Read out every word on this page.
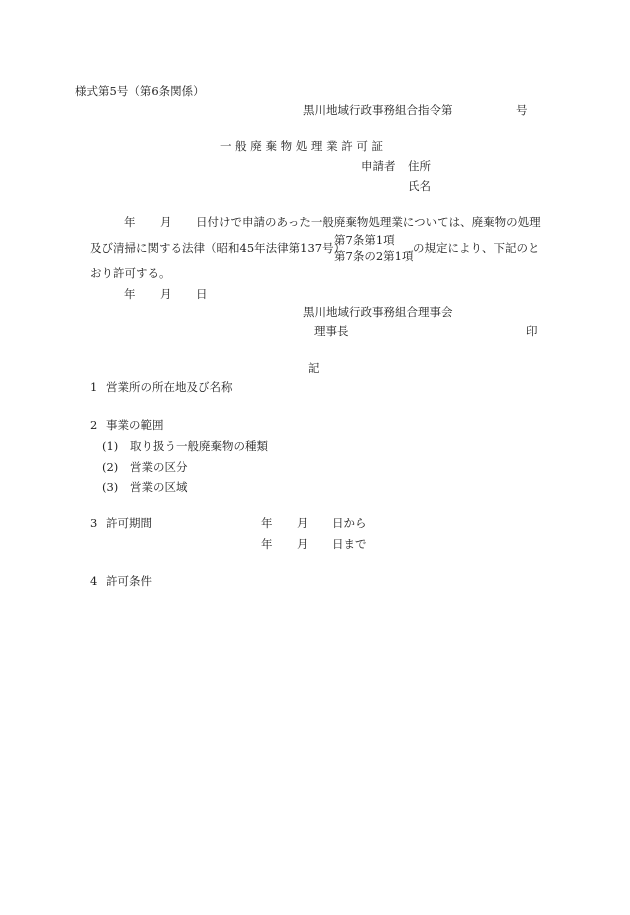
様式第5号（第6条関係）
黒川地域行政事務組合指令第	号
一 般 廃 棄 物 処 理 業 許 可 証
申請者 住所
氏名
年 月 日付けで申請のあった一般廃棄物処理業については、廃棄物の処理
及び清掃に関する法律（昭和45年法律第137号）
第7条第1項
第7条の2第1項
の規定により、下記のと
おり許可する。
年 月 日
黒川地域行政事務組合理事会
理事長	印
記
1 営業所の所在地及び名称
2 事業の範囲
(1) 取り扱う一般廃棄物の種類
(2) 営業の区分
(3) 営業の区域
3 許可期間	年 月 日から
年 月 日まで
4 許可条件
